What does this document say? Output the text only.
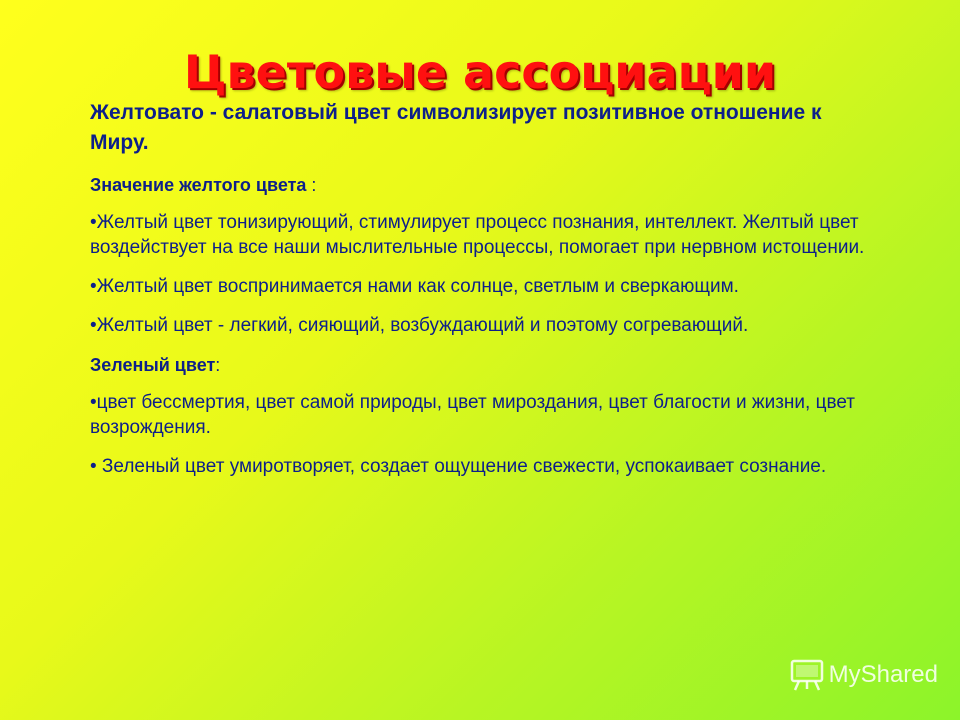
Цветовые ассоциации

Желтовато - салатовый цвет символизирует позитивное отношение к Миру.

Значение желтого цвета :

•Желтый цвет тонизирующий, стимулирует процесс познания, интеллект. Желтый цвет воздействует на все наши мыслительные процессы, помогает при нервном истощении.

•Желтый цвет воспринимается нами как солнце, светлым и сверкающим.

•Желтый цвет - легкий, сияющий, возбуждающий и поэтому согревающий.

Зеленый цвет:

•цвет бессмертия, цвет самой природы, цвет мироздания, цвет благости и жизни, цвет возрождения.

• Зеленый цвет умиротворяет, создает ощущение свежести, успокаивает сознание.

MyShared
